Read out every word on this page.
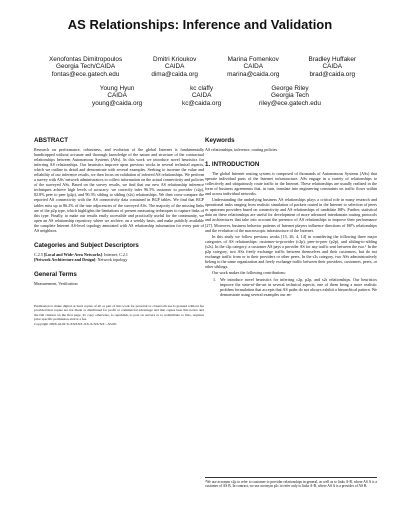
AS Relationships: Inference and Validation
Xenofontas Dimitropoulos
Georgia Tech/CAIDA
fontas@ece.gatech.edu
Dmitri Krioukov
CAIDA
dima@caida.org
Marina Fomenkov
CAIDA
marina@caida.org
Bradley Huffaker
CAIDA
brad@caida.org
Young Hyun
CAIDA
young@caida.org
kc claffy
CAIDA
kc@caida.org
George Riley
Georgia Tech
riley@ece.gatech.edu
ABSTRACT

Research on performance, robustness, and evolution of the global Internet is fundamentally handicapped without accurate and thorough knowledge of the nature and structure of the contractual relationships between Autonomous Systems (ASs). In this work we introduce novel heuristics for inferring AS relationships. Our heuristics improve upon previous works in several technical aspects, which we outline in detail and demonstrate with several examples. Seeking to increase the value and reliability of our inference results, we then focus on validation of inferred AS relationships. We perform a survey with ASs' network administrators to collect information on the actual connectivity and policies of the surveyed ASs. Based on the survey results, we find that our new AS relationship inference techniques achieve high levels of accuracy: we correctly infer 96.5% customer to provider (c2p), 82.8% peer to peer (p2p), and 90.3% sibling to sibling (s2s) relationships. We then cross-compare the reported AS connectivity with the AS connectivity data contained in BGP tables. We find that BGP tables miss up to 86.2% of the true adjacencies of the surveyed ASs. The majority of the missing links are of the p2p type, which highlights the limitations of present measuring techniques to capture links of this type. Finally, to make our results easily accessible and practically useful for the community, we open an AS relationship repository where we archive, on a weekly basis, and make publicly available the complete Internet AS-level topology annotated with AS relationship information for every pair of AS neighbors.

Categories and Subject Descriptors

C.2.5 [Local and Wide-Area Networks]: Internet; C.2.1
[Network Architecture and Design]: Network topology

General Terms

Measurement, Verification

Permission to make digital or hard copies of all or part of this work for personal or classroom use is granted without fee provided that copies are not made or distributed for profit or commercial advantage and that copies bear this notice and the full citation on the first page. To copy otherwise, to republish, to post on servers or to redistribute to lists, requires prior specific permission and/or a fee.

Copyright 200X ACM X-XXXXX-XX-X/XX/XX ...$5.00.

Keywords

AS relationships, inference, routing policies

1. INTRODUCTION

The global Internet routing system is composed of thousands of Autonomous Systems (ASs) that operate individual parts of the Internet infrastructure. ASs engage in a variety of relationships to collectively and ubiquitously route traffic in the Internet. These relationships are usually realized in the form of business agreements that, in turn, translate into engineering constraints on traffic flows within and across individual networks.

Understanding the underlying business AS relationships plays a critical role in many research and operational tasks ranging from realistic simulation of packets routed in the Internet to selection of peers or upstream providers based on connectivity and AS relationships of candidate ISPs. Further, statistical data on these relationships are useful for development of more advanced interdomain routing protocols and architectures that take into account the presence of AS relationships to improve their performance [27]. Moreover, business behavior patterns of Internet players influence directions of ISP's relationships and the evolution of the macroscopic infrastructure of the Internet.

In this study we follow previous works [15, 26, 4, 14] in considering the following three major categories of AS relationships: customer-to-provider (c2p), peer-to-peer (p2p), and sibling-to-sibling (s2s). In the c2p category, a customer AS pays a provider AS for any traffic sent between the two.¹ In the p2p category, two ASs freely exchange traffic between themselves and their customers, but do not exchange traffic from or to their providers or other peers. In the s2s category, two ASs administratively belong to the same organization and freely exchange traffic between their providers, customers, peers, or other siblings.

Our work makes the following contributions:

1. We introduce novel heuristics for inferring c2p, p2p, and s2s relationships. Our heuristics improve the state-of-the-art in several technical aspects, one of them being a more realistic problem formulation that accepts that AS paths do not always exhibit a hierarchical pattern. We demonstrate using several examples our en-
¹We use acronym c2p to refer to customer to provider relationships in general, as well as to links A-B, where AS A is a customer of AS B. In contrast, we use acronym p2c to refer only to links A-B, where AS A is a provider of AS B.
